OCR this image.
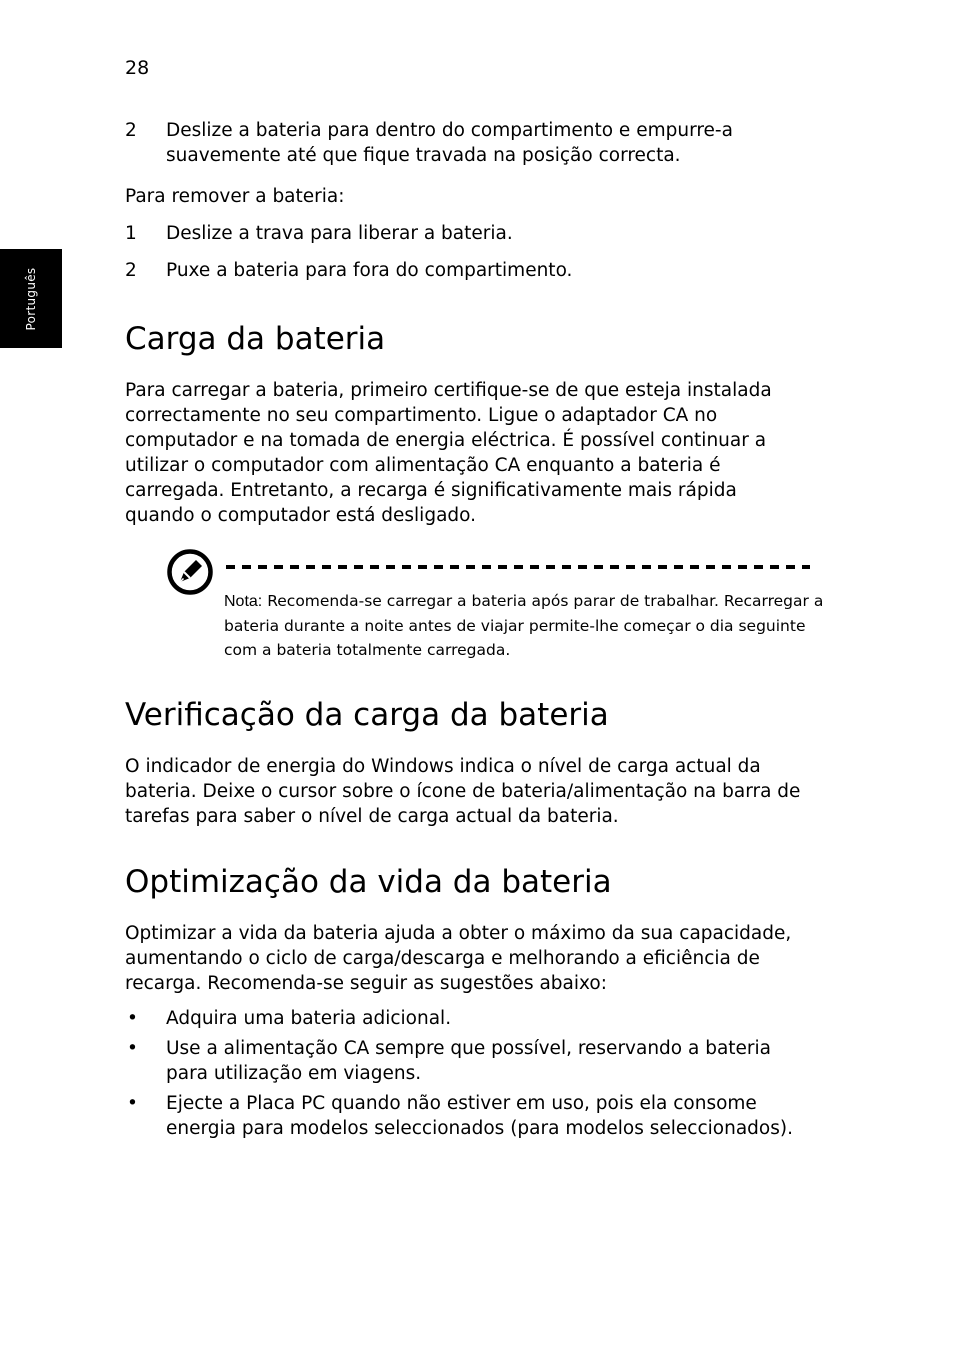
28
Português
2 Deslize a bateria para dentro do compartimento e empurre-a suavemente até que fique travada na posição correcta.
Para remover a bateria:
1 Deslize a trava para liberar a bateria.
2 Puxe a bateria para fora do compartimento.
Carga da bateria
Para carregar a bateria, primeiro certifique-se de que esteja instalada correctamente no seu compartimento. Ligue o adaptador CA no computador e na tomada de energia eléctrica. É possível continuar a utilizar o computador com alimentação CA enquanto a bateria é carregada. Entretanto, a recarga é significativamente mais rápida quando o computador está desligado.
Verificação da carga da bateria
O indicador de energia do Windows indica o nível de carga actual da bateria. Deixe o cursor sobre o ícone de bateria/alimentação na barra de tarefas para saber o nível de carga actual da bateria.
Optimização da vida da bateria
Optimizar a vida da bateria ajuda a obter o máximo da sua capacidade, aumentando o ciclo de carga/descarga e melhorando a eficiência de recarga. Recomenda-se seguir as sugestões abaixo:
• Adquira uma bateria adicional.
• Use a alimentação CA sempre que possível, reservando a bateria
para utilização em viagens.
• Ejecte a Placa PC quando não estiver em uso, pois ela consome
energia para modelos seleccionados (para modelos seleccionados).
Nota: Recomenda-se carregar a bateria após parar de trabalhar. Recarregar a bateria durante a noite antes de viajar permite-lhe começar o dia seguinte com a bateria totalmente carregada.
